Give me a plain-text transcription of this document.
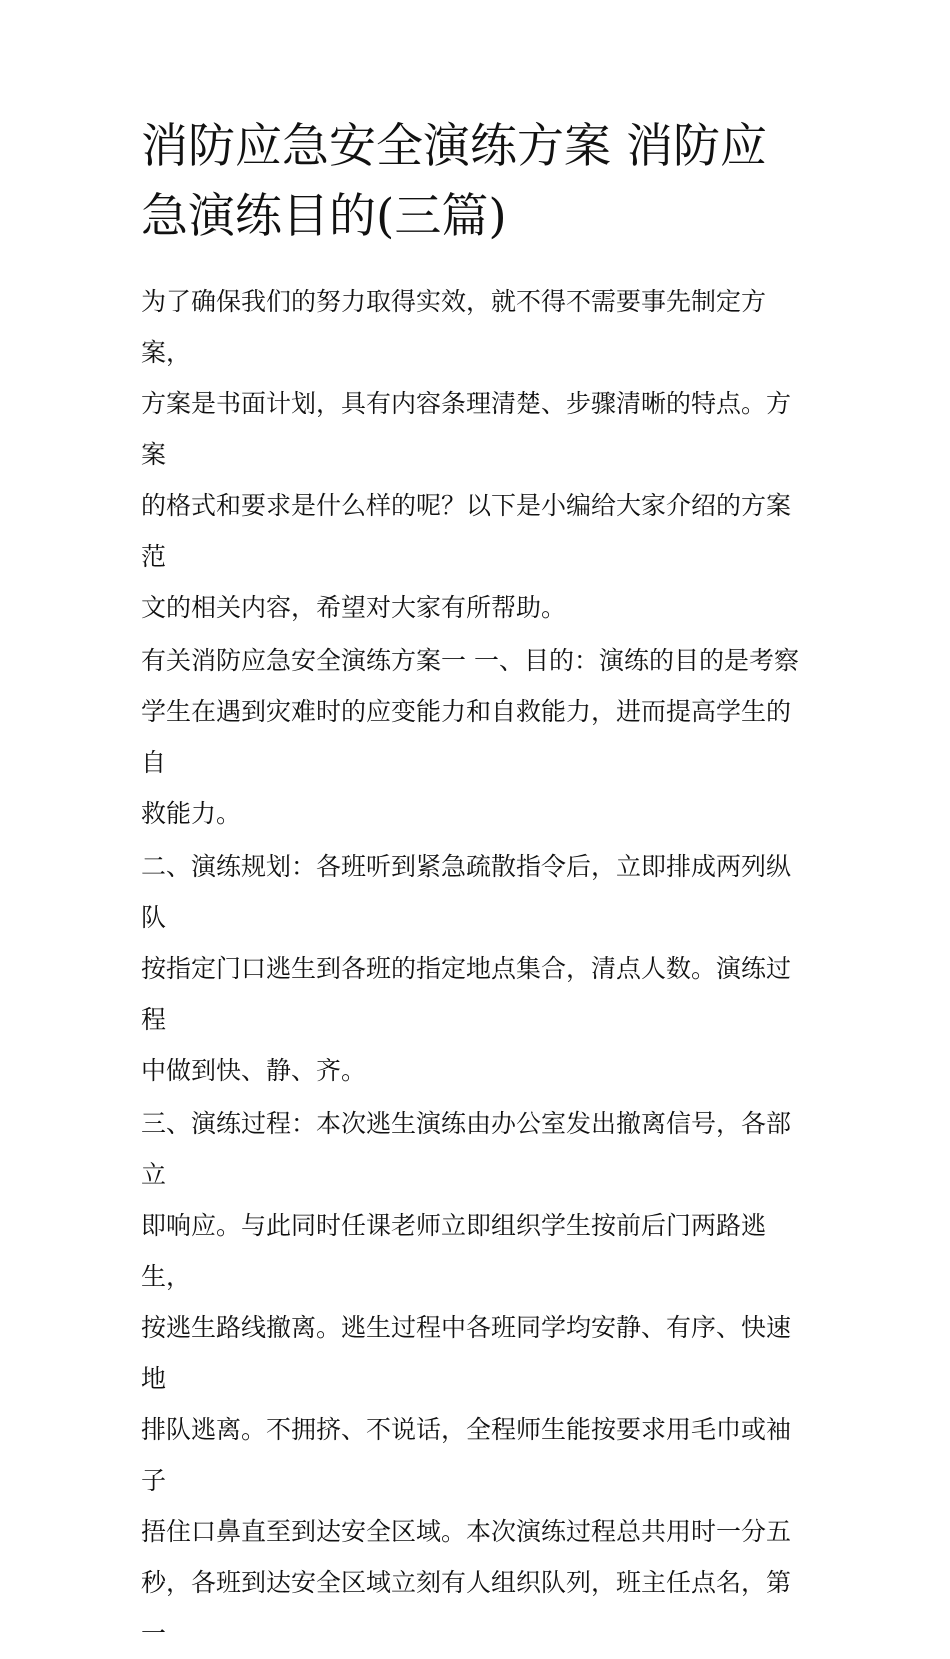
消防应急安全演练方案 消防应
急演练目的(三篇)

为了确保我们的努力取得实效，就不得不需要事先制定方案，
方案是书面计划，具有内容条理清楚、步骤清晰的特点。方案
的格式和要求是什么样的呢？以下是小编给大家介绍的方案范
文的相关内容，希望对大家有所帮助。

有关消防应急安全演练方案一 一、目的：演练的目的是考察
学生在遇到灾难时的应变能力和自救能力，进而提高学生的自
救能力。

二、演练规划：各班听到紧急疏散指令后，立即排成两列纵队
按指定门口逃生到各班的指定地点集合，清点人数。演练过程
中做到快、静、齐。

三、演练过程：本次逃生演练由办公室发出撤离信号，各部立
即响应。与此同时任课老师立即组织学生按前后门两路逃生，
按逃生路线撤离。逃生过程中各班同学均安静、有序、快速地
排队逃离。不拥挤、不说话，全程师生能按要求用毛巾或袖子
捂住口鼻直至到达安全区域。本次演练过程总共用时一分五
秒，各班到达安全区域立刻有人组织队列，班主任点名，第一
